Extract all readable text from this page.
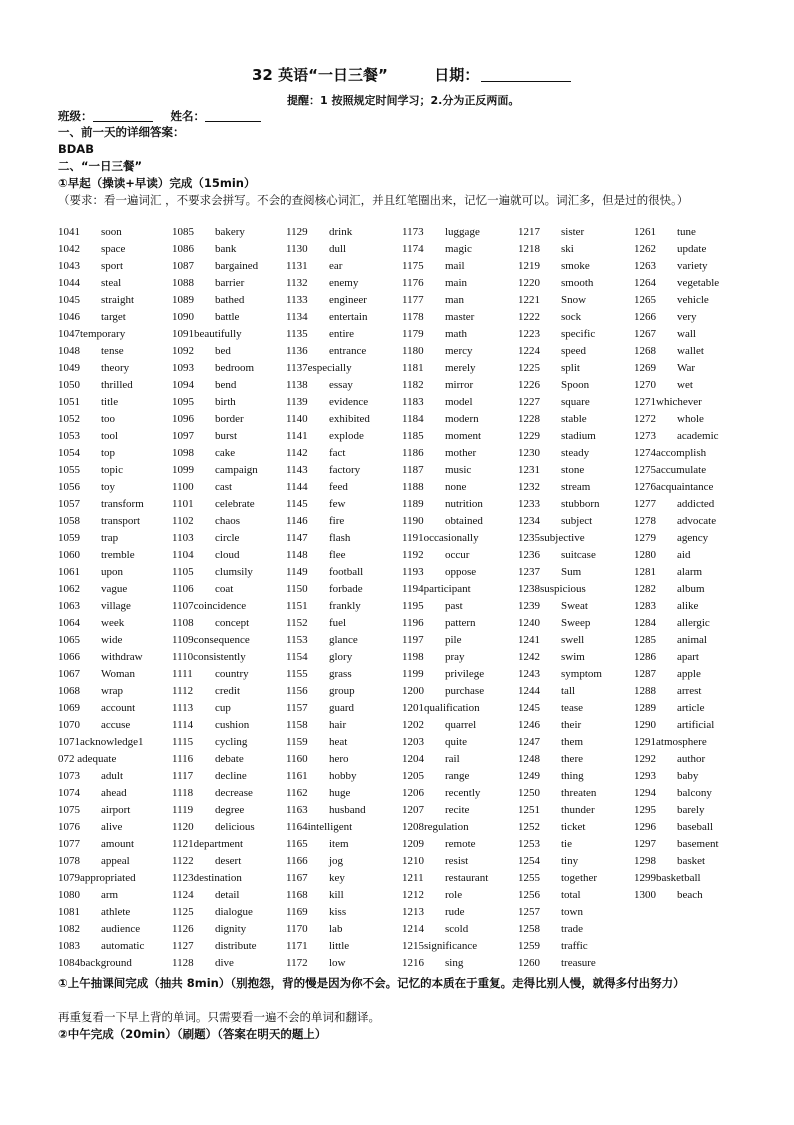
32 英语“一日三餐”	日期：
提醒：1 按照规定时间学习；2.分为正反两面。
班级：	姓名：
一、前一天的详细答案：
BDAB
二、“一日三餐”
①早起（操读+早读）完成（15min）
（要求：看一遍词汇 ，不要求会拼写。不会的查阅核心词汇，并且红笔圈出来，记忆一遍就可以。词汇多，但是过的很快。）
1041 soon	1085 bakery	1129 drink	1173 luggage	1217 sister	1261 tune
1042 space	1086 bank	1130 dull	1174 magic	1218 ski	1262 update
1043 sport	1087 bargained	1131 ear	1175 mail	1219 smoke	1263 variety
1044 steal	1088 barrier	1132 enemy	1176 main	1220 smooth	1264 vegetable
1045 straight	1089 bathed	1133 engineer	1177 man	1221 Snow	1265 vehicle
1046 target	1090 battle	1134 entertain	1178 master	1222 sock	1266 very
1047temporary	1091beautifully	1135 entire	1179 math	1223 specific	1267 wall
1048 tense	1092 bed	1136 entrance	1180 mercy	1224 speed	1268 wallet
1049 theory	1093 bedroom	1137especially	1181 merely	1225 split	1269 War
1050 thrilled	1094 bend	1138 essay	1182 mirror	1226 Spoon	1270 wet
1051 title	1095 birth	1139 evidence	1183 model	1227 square	1271whichever
1052 too	1096 border	1140 exhibited	1184 modern	1228 stable	1272 whole
1053 tool	1097 burst	1141 explode	1185 moment	1229 stadium	1273 academic
1054 top	1098 cake	1142 fact	1186 mother	1230 steady	1274accomplish
1055 topic	1099 campaign	1143 factory	1187 music	1231 stone	1275accumulate
1056 toy	1100 cast	1144 feed	1188 none	1232 stream	1276acquaintance
1057 transform	1101 celebrate	1145 few	1189 nutrition	1233 stubborn	1277 addicted
1058 transport	1102 chaos	1146 fire	1190 obtained	1234 subject	1278 advocate
1059 trap	1103 circle	1147 flash	1191occasionally	1235subjective	1279 agency
1060 tremble	1104 cloud	1148 flee	1192 occur	1236 suitcase	1280 aid
1061 upon	1105 clumsily	1149 football	1193 oppose	1237 Sum	1281 alarm
1062 vague	1106 coat	1150 forbade	1194participant	1238suspicious	1282 album
1063 village	1107coincidence	1151 frankly	1195 past	1239 Sweat	1283 alike
1064 week	1108 concept	1152 fuel	1196 pattern	1240 Sweep	1284 allergic
1065 wide	1109consequence	1153 glance	1197 pile	1241 swell	1285 animal
1066 withdraw	1110consistently	1154 glory	1198 pray	1242 swim	1286 apart
1067 Woman	1111 country	1155 grass	1199 privilege	1243 symptom	1287 apple
1068 wrap	1112 credit	1156 group	1200 purchase	1244 tall	1288 arrest
1069 account	1113 cup	1157 guard	1201qualification	1245 tease	1289 article
1070 accuse	1114 cushion	1158 hair	1202 quarrel	1246 their	1290 artificial
1071acknowledge1	1115 cycling	1159 heat	1203 quite	1247 them	1291atmosphere
072 adequate	1116 debate	1160 hero	1204 rail	1248 there	1292 author
1073 adult	1117 decline	1161 hobby	1205 range	1249 thing	1293 baby
1074 ahead	1118 decrease	1162 huge	1206 recently	1250 threaten	1294 balcony
1075 airport	1119 degree	1163 husband	1207 recite	1251 thunder	1295 barely
1076 alive	1120 delicious	1164intelligent	1208regulation	1252 ticket	1296 baseball
1077 amount	1121department	1165 item	1209 remote	1253 tie	1297 basement
1078 appeal	1122 desert	1166 jog	1210 resist	1254 tiny	1298 basket
1079appropriated	1123destination	1167 key	1211 restaurant	1255 together	1299basketball
1080 arm	1124 detail	1168 kill	1212 role	1256 total	1300 beach
1081 athlete	1125 dialogue	1169 kiss	1213 rude	1257 town
1082 audience	1126 dignity	1170 lab	1214 scold	1258 trade
1083 automatic	1127 distribute	1171 little	1215significance	1259 traffic
1084background	1128 dive	1172 low	1216 sing	1260 treasure
①上午抽课间完成（抽共 8min）（别抱怨，背的慢是因为你不会。记忆的本质在于重复。走得比别人慢，就得多付出努力）
再重复看一下早上背的单词。只需要看一遍不会的单词和翻译。
②中午完成（20min）（刷题）（答案在明天的题上）
